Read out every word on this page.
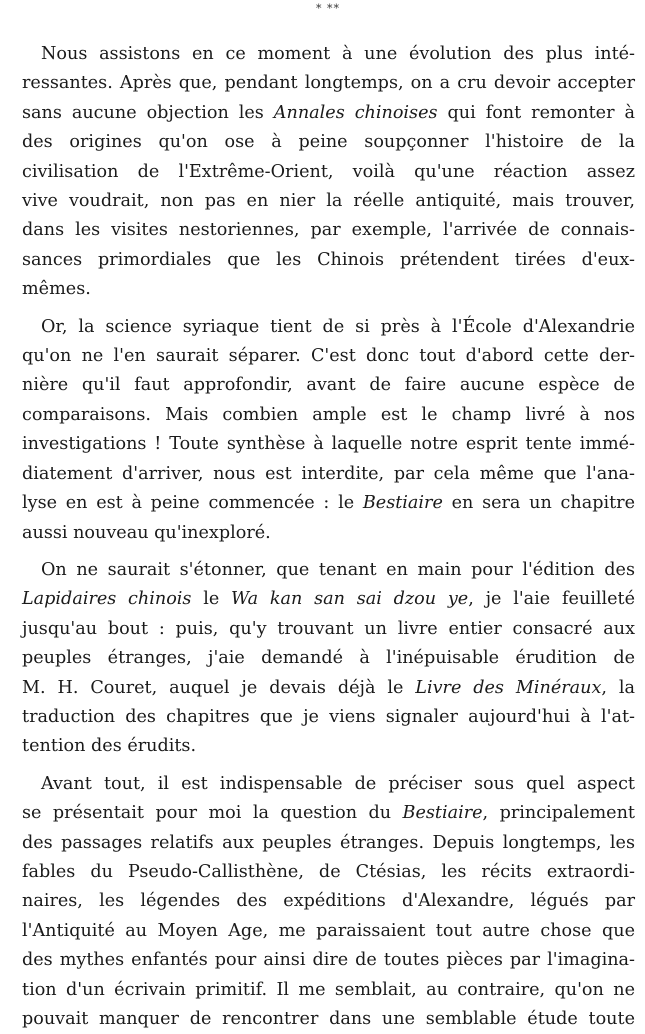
* **

Nous assistons en ce moment à une évolution des plus inté-
ressantes. Après que, pendant longtemps, on a cru devoir accepter
sans aucune objection les Annales chinoises qui font remonter à
des origines qu'on ose à peine soupçonner l'histoire de la
civilisation de l'Extrême-Orient, voilà qu'une réaction assez
vive voudrait, non pas en nier la réelle antiquité, mais trouver,
dans les visites nestoriennes, par exemple, l'arrivée de connais-
sances primordiales que les Chinois prétendent tirées d'eux-
mêmes.

Or, la science syriaque tient de si près à l'École d'Alexandrie
qu'on ne l'en saurait séparer. C'est donc tout d'abord cette der-
nière qu'il faut approfondir, avant de faire aucune espèce de
comparaisons. Mais combien ample est le champ livré à nos
investigations ! Toute synthèse à laquelle notre esprit tente immé-
diatement d'arriver, nous est interdite, par cela même que l'ana-
lyse en est à peine commencée : le Bestiaire en sera un chapitre
aussi nouveau qu'inexploré.

On ne saurait s'étonner, que tenant en main pour l'édition des
Lapidaires chinois le Wa kan san sai dzou ye, je l'aie feuilleté
jusqu'au bout : puis, qu'y trouvant un livre entier consacré aux
peuples étranges, j'aie demandé à l'inépuisable érudition de
M. H. Couret, auquel je devais déjà le Livre des Minéraux, la
traduction des chapitres que je viens signaler aujourd'hui à l'at-
tention des érudits.

Avant tout, il est indispensable de préciser sous quel aspect
se présentait pour moi la question du Bestiaire, principalement
des passages relatifs aux peuples étranges. Depuis longtemps, les
fables du Pseudo-Callisthène, de Ctésias, les récits extraordi-
naires, les légendes des expéditions d'Alexandre, légués par
l'Antiquité au Moyen Age, me paraissaient tout autre chose que
des mythes enfantés pour ainsi dire de toutes pièces par l'imagina-
tion d'un écrivain primitif. Il me semblait, au contraire, qu'on ne
pouvait manquer de rencontrer dans une semblable étude toute
